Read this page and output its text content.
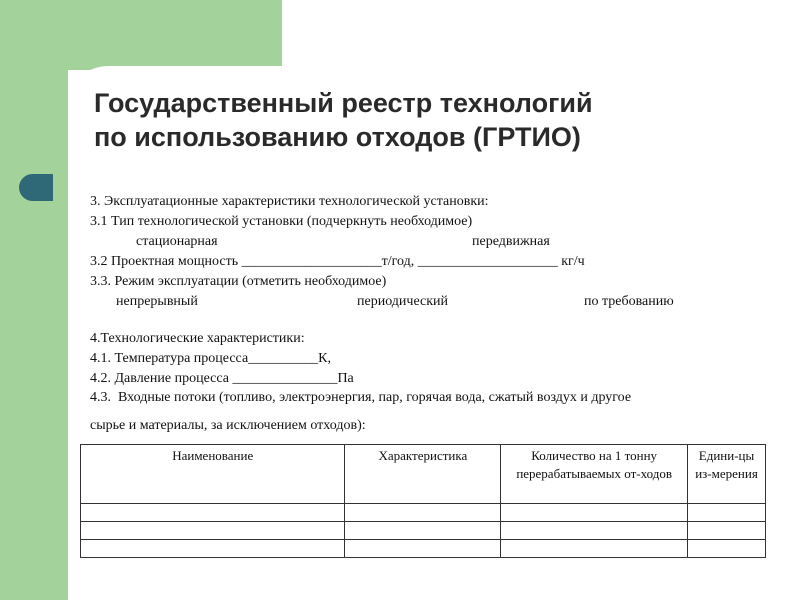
Государственный реестр технологий
по использованию отходов (ГРТИО)
3. Эксплуатационные характеристики технологической установки:
3.1 Тип технологической установки (подчеркнуть необходимое)
стационарная	передвижная
3.2 Проектная мощность ____________________т/год, ____________________ кг/ч
3.3. Режим эксплуатации (отметить необходимое)
непрерывный	периодический	по требованию
4.Технологические характеристики:
4.1. Температура процесса__________К,
4.2. Давление процесса _______________Па
4.3.  Входные потоки (топливо, электроэнергия, пар, горячая вода, сжатый воздух и другое
сырье и материалы, за исключением отходов):
Наименование	Характеристика	Количество на 1 тонну перерабатываемых от-ходов	Едини-цы из-мерения
